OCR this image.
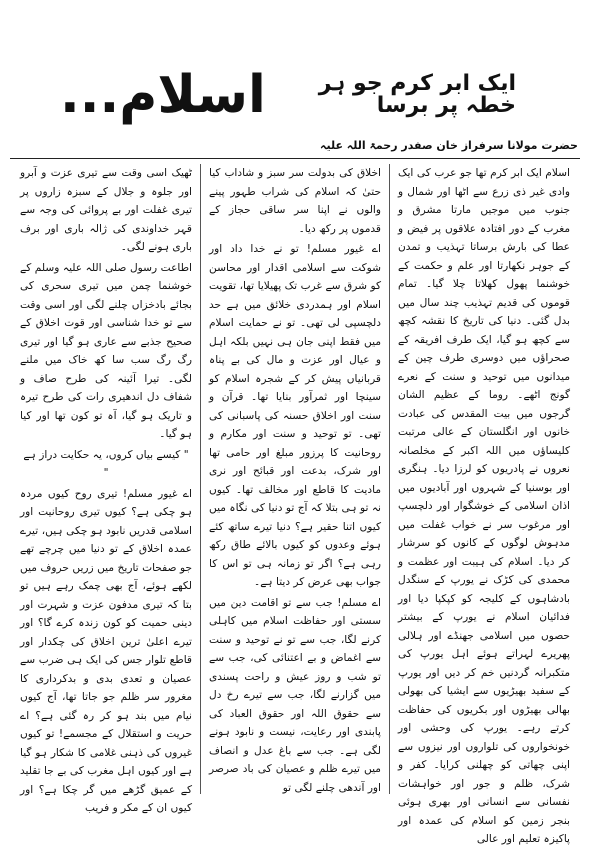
اسلام...	ایک ابر کرم جو ہر خطہ پر برسا
حضرت مولانا سرفراز خان صفدر رحمۃ اللہ علیہ

اسلام ایک ابر کرم تھا جو عرب کی ایک وادی غیر ذی زرع سے اٹھا اور شمال و جنوب میں موجیں مارتا مشرق و مغرب کے دور افتادہ علاقوں پر فیض و عطا کی بارش برساتا تہذیب و تمدن کے جوہر نکھارتا اور علم و حکمت کے خوشنما پھول کھلاتا چلا گیا۔ تمام قوموں کی قدیم تہذیب چند سال میں بدل گئی۔ دنیا کی تاریخ کا نقشہ کچھ سے کچھ ہو گیا، ایک طرف افریقہ کے صحراؤں میں دوسری طرف چین کے میدانوں میں توحید و سنت کے نعرے گونج اٹھے۔ روما کے عظیم الشان گرجوں میں بیت المقدس کی عبادت خانوں اور انگلستان کے عالی مرتبت کلیساؤں میں اللہ اکبر کے مخلصانہ نعروں نے پادریوں کو لرزا دیا۔ ہنگری اور بوسنیا کے شہروں اور آبادیوں میں اذان اسلامی کے خوشگوار اور دلچسپ اور مرغوب سر نے خواب غفلت میں مدہوش لوگوں کے کانوں کو سرشار کر دیا۔ اسلام کی ہیبت اور عظمت و محمدی کی کڑک نے یورپ کے سنگدل بادشاہوں کے کلیجہ کو کپکپا دیا اور فدائیان اسلام نے یورپ کے بیشتر حصوں میں اسلامی جھنڈے اور ہلالی پھریرے لہراتے ہوئے اہل یورپ کی متکبرانہ گردنیں خم کر دیں اور یورپ کے سفید بھیڑیوں سے ایشیا کی بھولی بھالی بھیڑوں اور بکریوں کی حفاظت کرتے رہے۔ یورپ کی وحشی اور خونخواروں کی تلواروں اور نیزوں سے اپنی چھاتی کو چھلنی کرایا۔ کفر و شرک، ظلم و جور اور خواہشات نفسانی سے انسانی اور بھری ہوئی بنجر زمین کو اسلام کی عمدہ اور پاکیزہ تعلیم اور عالی

اخلاق کی بدولت سر سبز و شاداب کیا حتیٰ کہ اسلام کی شراب طہور پینے والوں نے اپنا سر ساقی حجاز کے قدموں پر رکھ دیا۔

اے غیور مسلم! تو نے خدا داد اور شوکت سے اسلامی اقدار اور محاسن کو شرق سے غرب تک پھیلایا تھا، تقویت اسلام اور ہمدردی خلائق میں ہے حد دلچسپی لی تھی۔ تو نے حمایت اسلام میں فقط اپنی جان ہی نہیں بلکہ اہل و عیال اور عزت و مال کی بے پناہ قربانیاں پیش کر کے شجرہ اسلام کو سینچا اور ثمرآور بنایا تھا۔ قرآن و سنت اور اخلاق حسنہ کی پاسبانی کی تھی۔ تو توحید و سنت اور مکارم و روحانیت کا پرزور مبلغ اور حامی تھا اور شرک، بدعت اور قبائح اور نری مادیت کا قاطع اور مخالف تھا۔ کیوں نہ تو ہی بتلا کہ آج تو دنیا کی نگاہ میں کیوں اتنا حقیر ہے؟ دنیا تیرے ساتھ کئے ہوئے وعدوں کو کیوں بالائے طاق رکھ رہی ہے؟ اگر تو زمانہ ہی تو اس کا جواب بھی عرض کر دیتا ہے۔

اے مسلم! جب سے تو اقامت دین میں سستی اور حفاظت اسلام میں کاہلی کرنے لگا، جب سے تو نے توحید و سنت سے اغماض و بے اعتنائی کی، جب سے تو شب و روز عیش و راحت پسندی میں گزارنے لگا، جب سے تیرے رخ دل سے حقوق اللہ اور حقوق العباد کی پابندی اور رعایت، نیست و نابود ہونے لگی ہے۔ جب سے باغ عدل و انصاف میں تیرے ظلم و عصیان کی باد صرصر اور آندھی چلنے لگی تو

ٹھیک اسی وقت سے تیری عزت و آبرو اور جلوہ و جلال کے سبزہ زاروں پر تیری غفلت اور بے پروائی کی وجہ سے قہر خداوندی کی ژالہ باری اور برف باری ہونے لگی۔

اطاعت رسول صلی اللہ علیہ وسلم کے خوشنما چمن میں تیری سحری کی بجائے بادخزاں چلنے لگی اور اسی وقت سے تو خدا شناسی اور قوت اخلاق کے صحیح جذبے سے عاری ہو گیا اور تیری رگ رگ سب سا کھ خاک میں ملنے لگی۔ تیرا آئینہ کی طرح صاف و شفاف دل اندھیری رات کی طرح تیرہ و تاریک ہو گیا، آہ تو کون تھا اور کیا ہو گیا۔

" کیسے بیاں کروں، یہ حکایت دراز ہے "

اے غیور مسلم! تیری روح کیوں مردہ ہو چکی ہے؟ کیوں تیری روحانیت اور اسلامی قدریں نابود ہو چکی ہیں، تیرے عمدہ اخلاق کے تو دنیا میں چرچے تھے جو صفحات تاریخ میں زریں حروف میں لکھے ہوئے، آج بھی چمک رہے ہیں تو بتا کہ تیری مدفون عزت و شہرت اور دینی حمیت کو کون زندہ کرے گا؟ اور تیرے اعلیٰ ترین اخلاق کی چکدار اور قاطع تلوار جس کی ایک ہی ضرب سے عصیان و تعدی بدی و بدکرداری کا مغرور سر ظلم جو جاتا تھا، آج کیوں نیام میں بند ہو کر رہ گئی ہے؟ اے حریت و استقلال کے مجسمے! تو کیوں غیروں کی ذہنی غلامی کا شکار ہو گیا ہے اور کیوں اہل مغرب کی بے جا تقلید کے عمیق گڑھے میں گر چکا ہے؟ اور کیوں ان کے مکر و فریب
